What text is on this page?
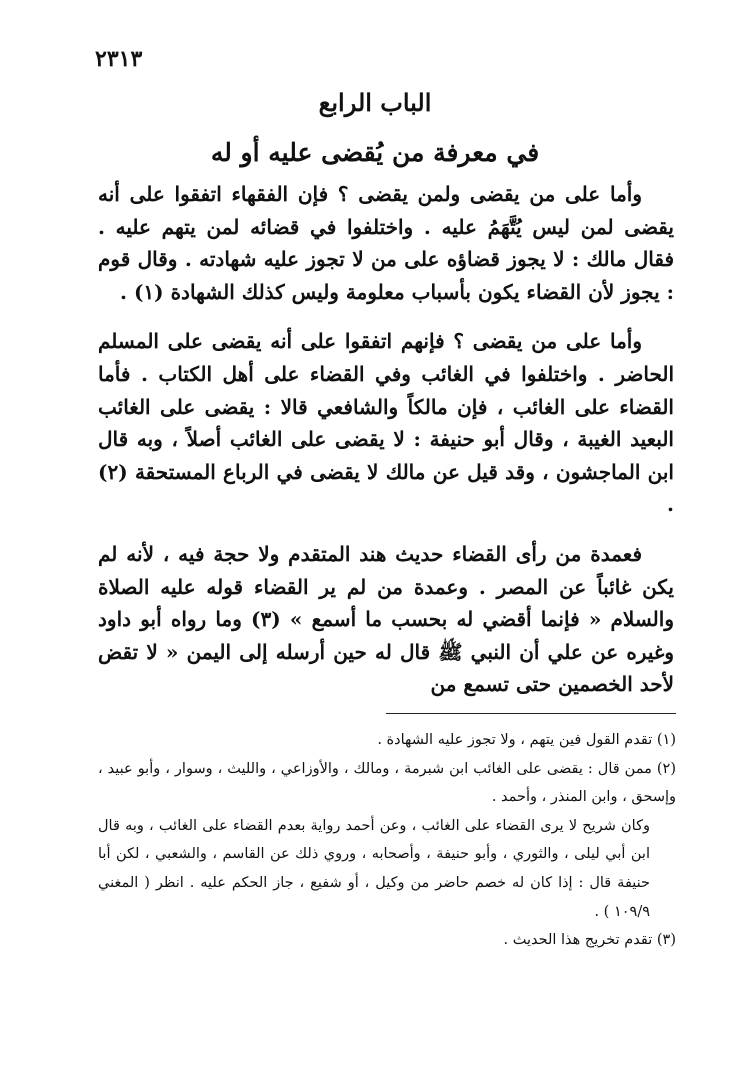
٢٣١٣
الباب الرابع
في معرفة من يُقضى عليه أو له

وأما على من يقضى ولمن يقضى ؟ فإن الفقهاء اتفقوا على أنه يقضى لمن ليس يُتَّهَمُ عليه . واختلفوا في قضائه لمن يتهم عليه . فقال مالك : لا يجوز قضاؤه على من لا تجوز عليه شهادته . وقال قوم : يجوز لأن القضاء يكون بأسباب معلومة وليس كذلك الشهادة (١) .

وأما على من يقضى ؟ فإنهم اتفقوا على أنه يقضى على المسلم الحاضر . واختلفوا في الغائب وفي القضاء على أهل الكتاب . فأما القضاء على الغائب ، فإن مالكاً والشافعي قالا : يقضى على الغائب البعيد الغيبة ، وقال أبو حنيفة : لا يقضى على الغائب أصلاً ، وبه قال ابن الماجشون ، وقد قيل عن مالك لا يقضى في الرباع المستحقة (٢) .

فعمدة من رأى القضاء حديث هند المتقدم ولا حجة فيه ، لأنه لم يكن غائباً عن المصر . وعمدة من لم ير القضاء قوله عليه الصلاة والسلام « فإنما أقضي له بحسب ما أسمع » (٣) وما رواه أبو داود وغيره عن علي أن النبي ﷺ قال له حين أرسله إلى اليمن « لا تقض لأحد الخصمين حتى تسمع من

(١) تقدم القول فين يتهم ، ولا تجوز عليه الشهادة .

(٢) ممن قال : يقضى على الغائب ابن شبرمة ، ومالك ، والأوزاعي ، والليث ، وسوار ، وأبو عبيد ، وإسحق ، وابن المنذر ، وأحمد .

وكان شريح لا يرى القضاء على الغائب ، وعن أحمد رواية بعدم القضاء على الغائب ، وبه قال ابن أبي ليلى ، والثوري ، وأبو حنيفة ، وأصحابه ، وروي ذلك عن القاسم ، والشعبي ، لكن أبا حنيفة قال : إذا كان له خصم حاضر من وكيل ، أو شفيع ، جاز الحكم عليه . انظر ( المغني ١٠٩/٩ ) .

(٣) تقدم تخريج هذا الحديث .
